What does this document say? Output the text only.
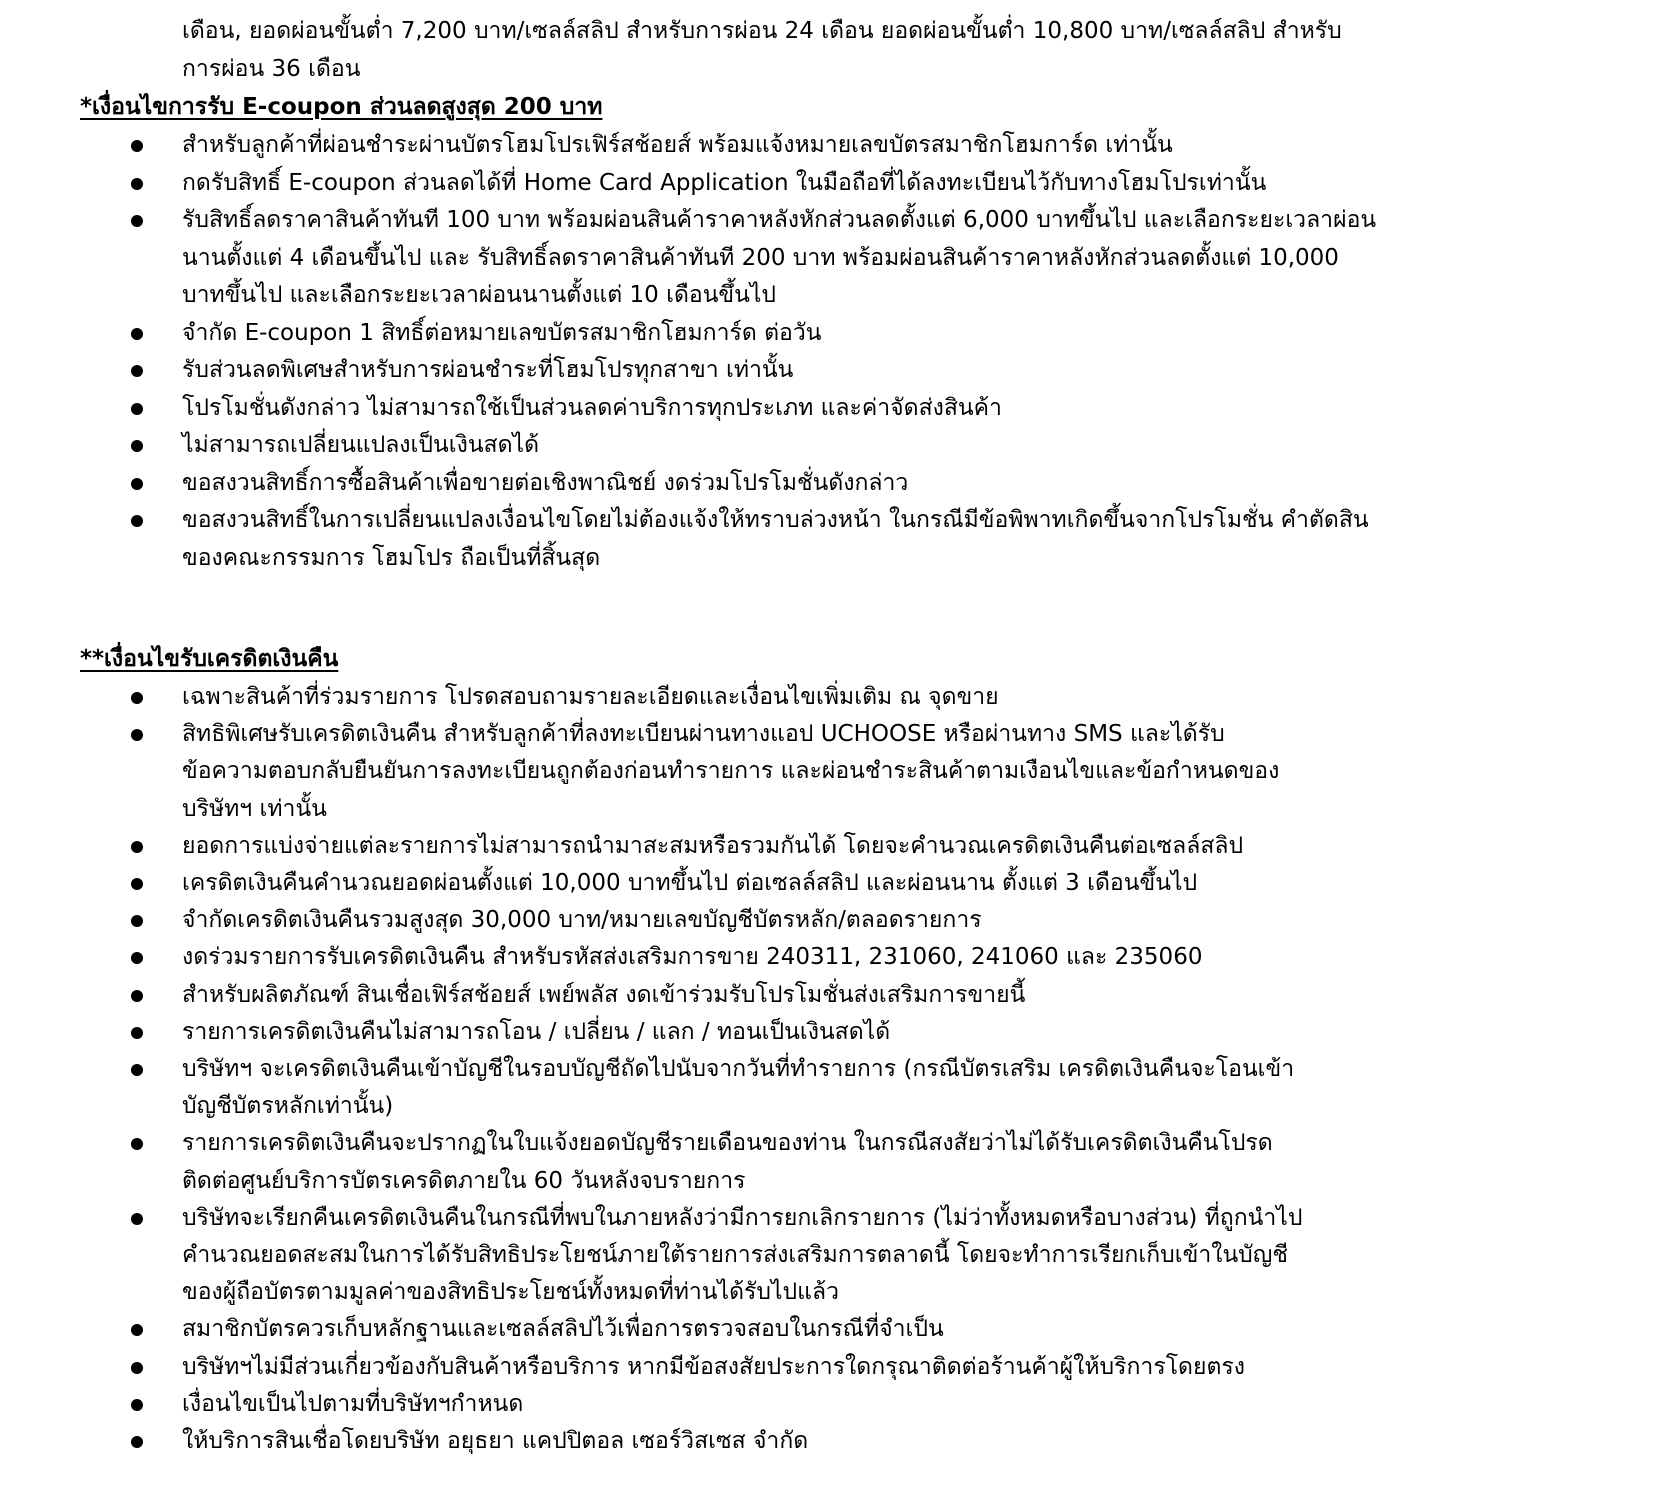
เดือน, ยอดผ่อนขั้นต่ำ 7,200 บาท/เซลล์สลิป สำหรับการผ่อน 24 เดือน ยอดผ่อนขั้นต่ำ 10,800 บาท/เซลล์สลิป สำหรับ
การผ่อน 36 เดือน
*เงื่อนไขการรับ E-coupon ส่วนลดสูงสุด 200 บาท
สำหรับลูกค้าที่ผ่อนชำระผ่านบัตรโฮมโปรเฟิร์สช้อยส์ พร้อมแจ้งหมายเลขบัตรสมาชิกโฮมการ์ด เท่านั้น
กดรับสิทธิ์ E-coupon ส่วนลดได้ที่ Home Card Application ในมือถือที่ได้ลงทะเบียนไว้กับทางโฮมโปรเท่านั้น
รับสิทธิ์ลดราคาสินค้าทันที 100 บาท พร้อมผ่อนสินค้าราคาหลังหักส่วนลดตั้งแต่ 6,000 บาทขึ้นไป และเลือกระยะเวลาผ่อน
นานตั้งแต่ 4 เดือนขึ้นไป และ รับสิทธิ์ลดราคาสินค้าทันที 200 บาท พร้อมผ่อนสินค้าราคาหลังหักส่วนลดตั้งแต่ 10,000
บาทขึ้นไป และเลือกระยะเวลาผ่อนนานตั้งแต่ 10 เดือนขึ้นไป
จำกัด E-coupon 1 สิทธิ์ต่อหมายเลขบัตรสมาชิกโฮมการ์ด ต่อวัน
รับส่วนลดพิเศษสำหรับการผ่อนชำระที่โฮมโปรทุกสาขา เท่านั้น
โปรโมชั่นดังกล่าว ไม่สามารถใช้เป็นส่วนลดค่าบริการทุกประเภท และค่าจัดส่งสินค้า
ไม่สามารถเปลี่ยนแปลงเป็นเงินสดได้
ขอสงวนสิทธิ์การซื้อสินค้าเพื่อขายต่อเชิงพาณิชย์ งดร่วมโปรโมชั่นดังกล่าว
ขอสงวนสิทธิ์ในการเปลี่ยนแปลงเงื่อนไขโดยไม่ต้องแจ้งให้ทราบล่วงหน้า ในกรณีมีข้อพิพาทเกิดขึ้นจากโปรโมชั่น คำตัดสิน
ของคณะกรรมการ โฮมโปร ถือเป็นที่สิ้นสุด
**เงื่อนไขรับเครดิตเงินคืน
เฉพาะสินค้าที่ร่วมรายการ โปรดสอบถามรายละเอียดและเงื่อนไขเพิ่มเติม ณ จุดขาย
สิทธิพิเศษรับเครดิตเงินคืน สำหรับลูกค้าที่ลงทะเบียนผ่านทางแอป UCHOOSE หรือผ่านทาง SMS และได้รับ
ข้อความตอบกลับยืนยันการลงทะเบียนถูกต้องก่อนทำรายการ และผ่อนชำระสินค้าตามเงือนไขและข้อกำหนดของ
บริษัทฯ เท่านั้น
ยอดการแบ่งจ่ายแต่ละรายการไม่สามารถนำมาสะสมหรือรวมกันได้ โดยจะคำนวณเครดิตเงินคืนต่อเซลล์สลิป
เครดิตเงินคืนคำนวณยอดผ่อนตั้งแต่ 10,000 บาทขึ้นไป ต่อเซลล์สลิป และผ่อนนาน ตั้งแต่ 3 เดือนขึ้นไป
จำกัดเครดิตเงินคืนรวมสูงสุด 30,000 บาท/หมายเลขบัญชีบัตรหลัก/ตลอดรายการ
งดร่วมรายการรับเครดิตเงินคืน สำหรับรหัสส่งเสริมการขาย 240311, 231060, 241060 และ 235060
สำหรับผลิตภัณฑ์ สินเชื่อเฟิร์สช้อยส์ เพย์พลัส งดเข้าร่วมรับโปรโมชั่นส่งเสริมการขายนี้
รายการเครดิตเงินคืนไม่สามารถโอน / เปลี่ยน / แลก / ทอนเป็นเงินสดได้
บริษัทฯ จะเครดิตเงินคืนเข้าบัญชีในรอบบัญชีถัดไปนับจากวันที่ทำรายการ (กรณีบัตรเสริม เครดิตเงินคืนจะโอนเข้า
บัญชีบัตรหลักเท่านั้น)
รายการเครดิตเงินคืนจะปรากฏในใบแจ้งยอดบัญชีรายเดือนของท่าน ในกรณีสงสัยว่าไม่ได้รับเครดิตเงินคืนโปรด
ติดต่อศูนย์บริการบัตรเครดิตภายใน 60 วันหลังจบรายการ
บริษัทจะเรียกคืนเครดิตเงินคืนในกรณีที่พบในภายหลังว่ามีการยกเลิกรายการ (ไม่ว่าทั้งหมดหรือบางส่วน) ที่ถูกนำไป
คำนวณยอดสะสมในการได้รับสิทธิประโยชน์ภายใต้รายการส่งเสริมการตลาดนี้ โดยจะทำการเรียกเก็บเข้าในบัญชี
ของผู้ถือบัตรตามมูลค่าของสิทธิประโยชน์ทั้งหมดที่ท่านได้รับไปแล้ว
สมาชิกบัตรควรเก็บหลักฐานและเซลล์สลิปไว้เพื่อการตรวจสอบในกรณีที่จำเป็น
บริษัทฯไม่มีส่วนเกี่ยวข้องกับสินค้าหรือบริการ หากมีข้อสงสัยประการใดกรุณาติดต่อร้านค้าผู้ให้บริการโดยตรง
เงื่อนไขเป็นไปตามที่บริษัทฯกำหนด
ให้บริการสินเชื่อโดยบริษัท อยุธยา แคปปิตอล เซอร์วิสเซส จำกัด
